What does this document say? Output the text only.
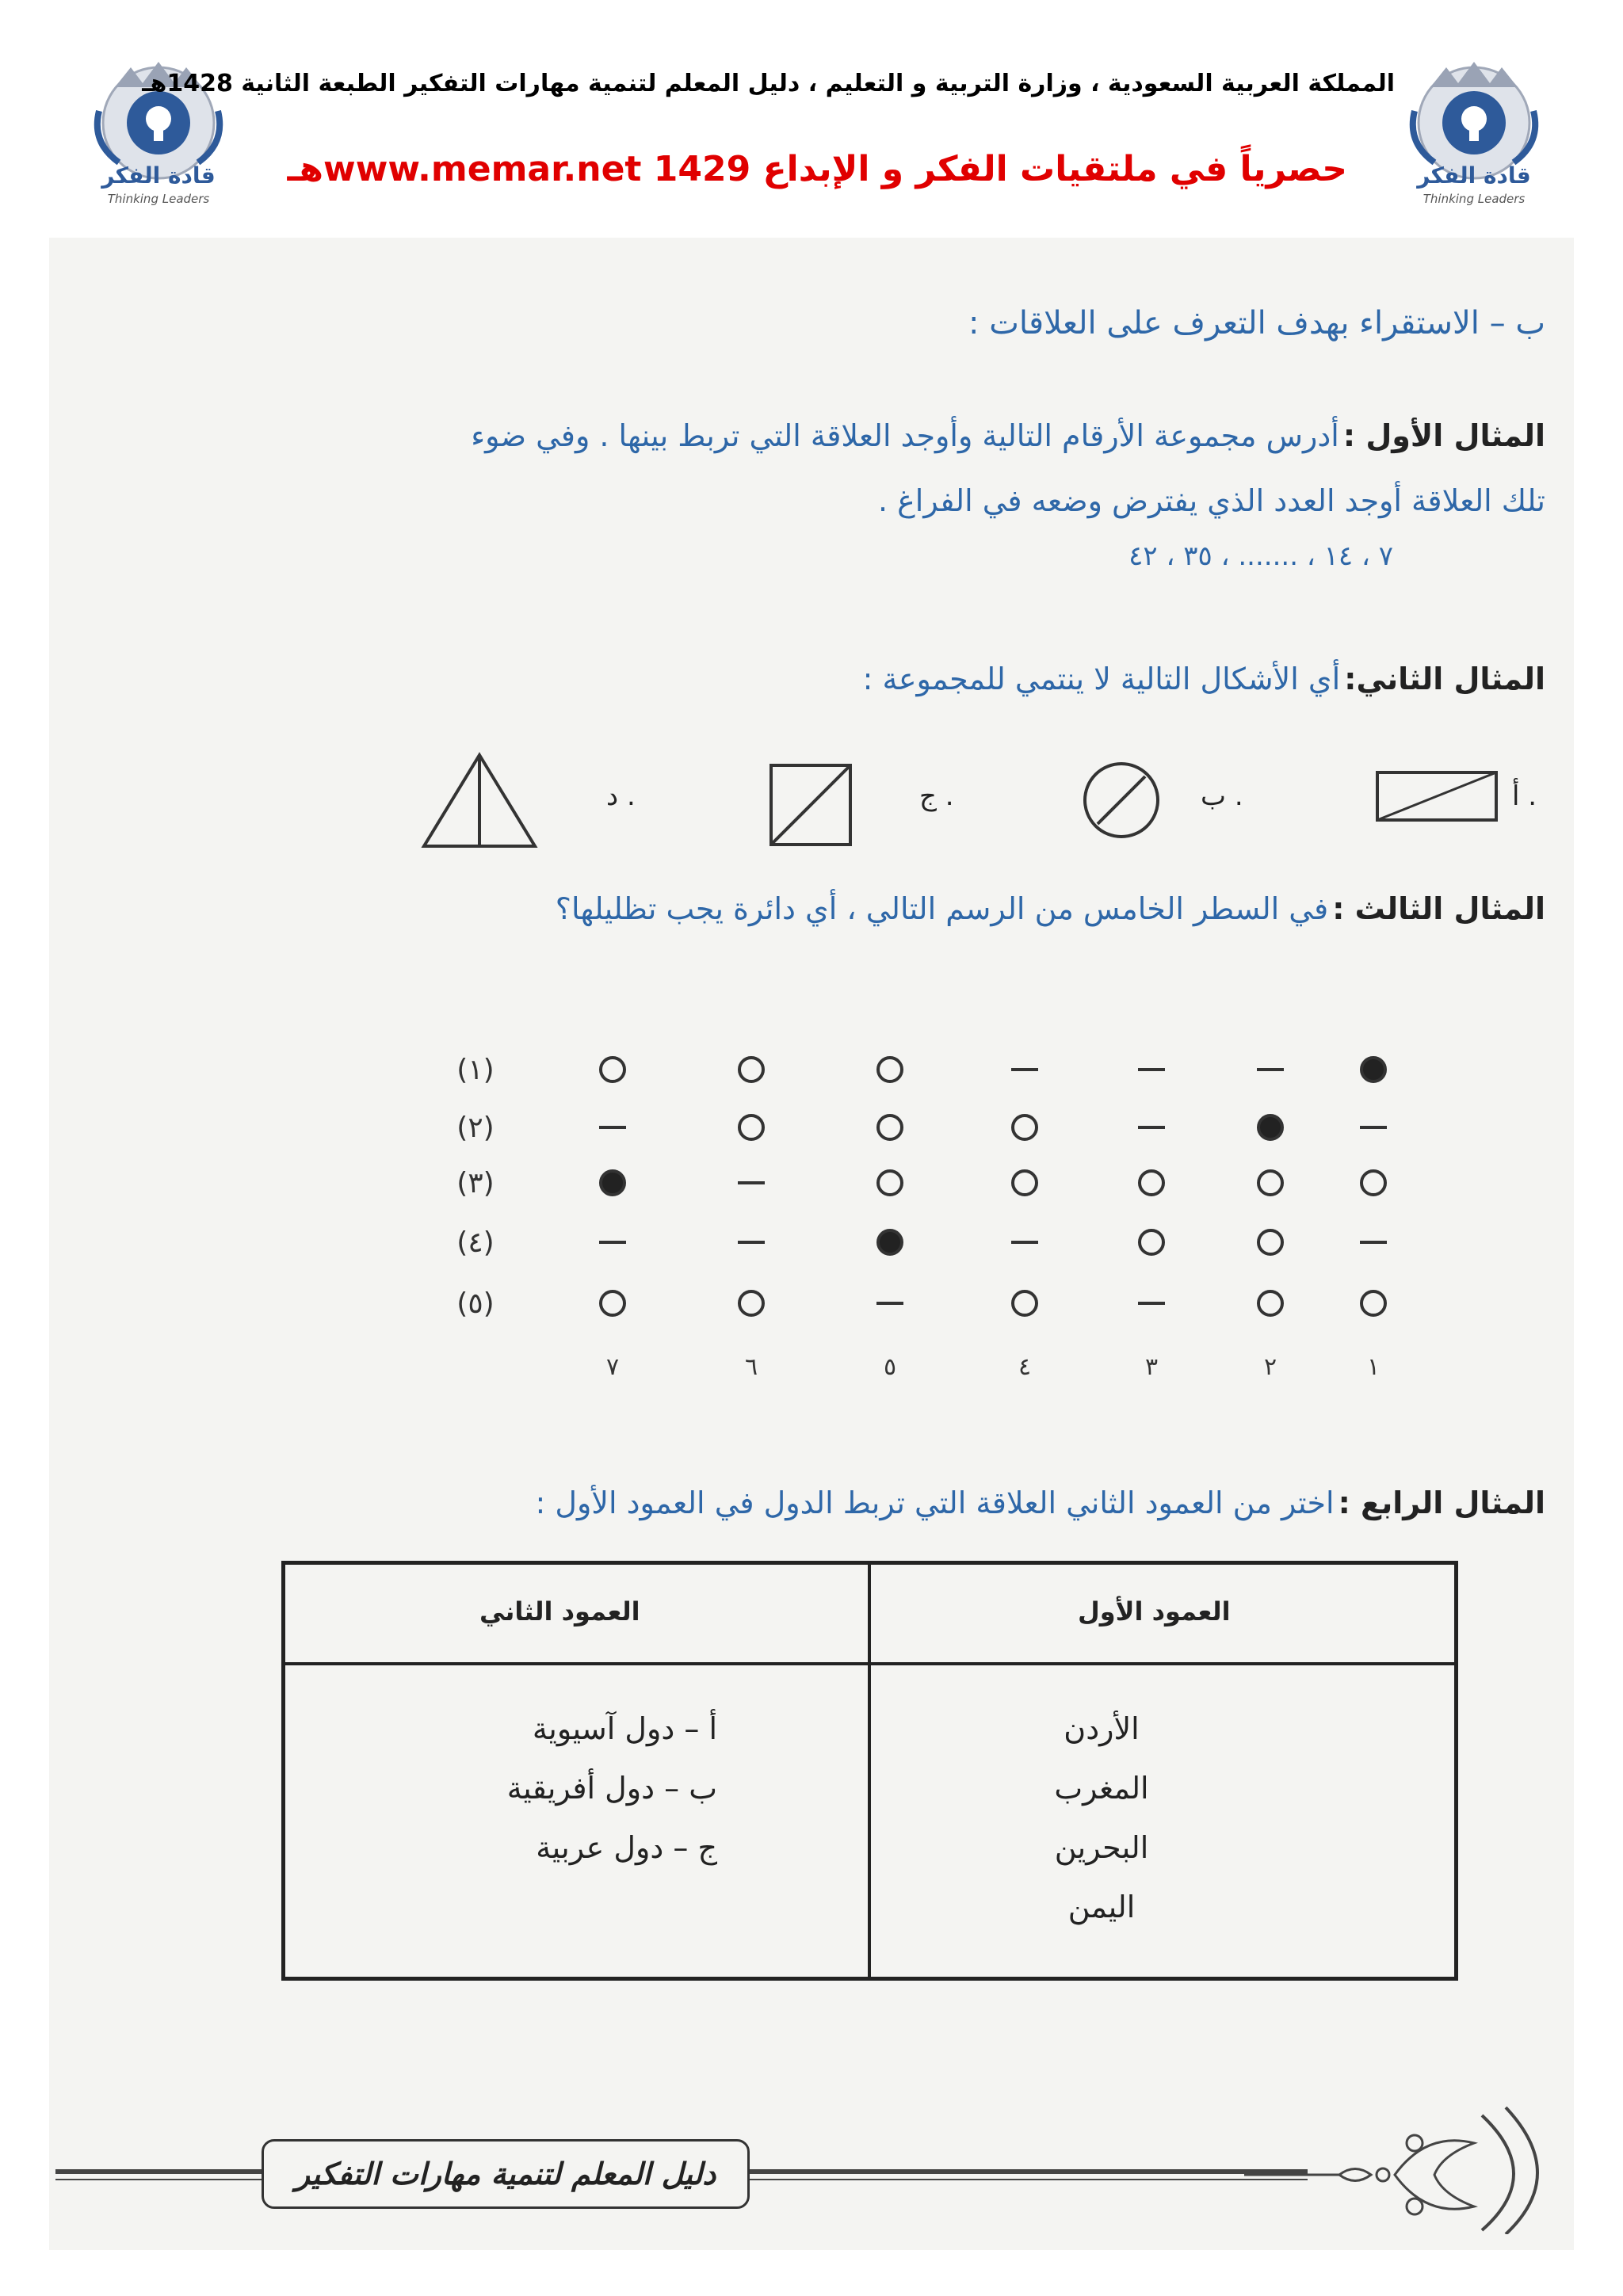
قادة الفكر
Thinking Leaders
قادة الفكر
Thinking Leaders
المملكة العربية السعودية ، وزارة التربية و التعليم ، دليل المعلم لتنمية مهارات التفكير الطبعة الثانية 1428هـ
حصرياً في ملتقيات الفكر و الإبداع www.memar.net 1429هـ
ب – الاستقراء بهدف التعرف على العلاقات :
المثال الأول : أدرس مجموعة الأرقام التالية وأوجد العلاقة التي تربط بينها . وفي ضوء
تلك العلاقة أوجد العدد الذي يفترض وضعه في الفراغ .
٧ ، ١٤ ، ....... ، ٣٥ ، ٤٢
المثال الثاني: أي الأشكال التالية لا ينتمي للمجموعة :
أ .
ب .
ج .
د .
المثال الثالث : في السطر الخامس من الرسم التالي ، أي دائرة يجب تظليلها؟
(١)
(٢)
(٣)
(٤)
(٥)
١
٢
٣
٤
٥
٦
٧
المثال الرابع : اختر من العمود الثاني العلاقة التي تربط الدول في العمود الأول :
العمود الأول
العمود الثاني
الأردن
المغرب
البحرين
اليمن
أ – دول آسيوية
ب – دول أفريقية
ج – دول عربية
دليل المعلم لتنمية مهارات التفكير
